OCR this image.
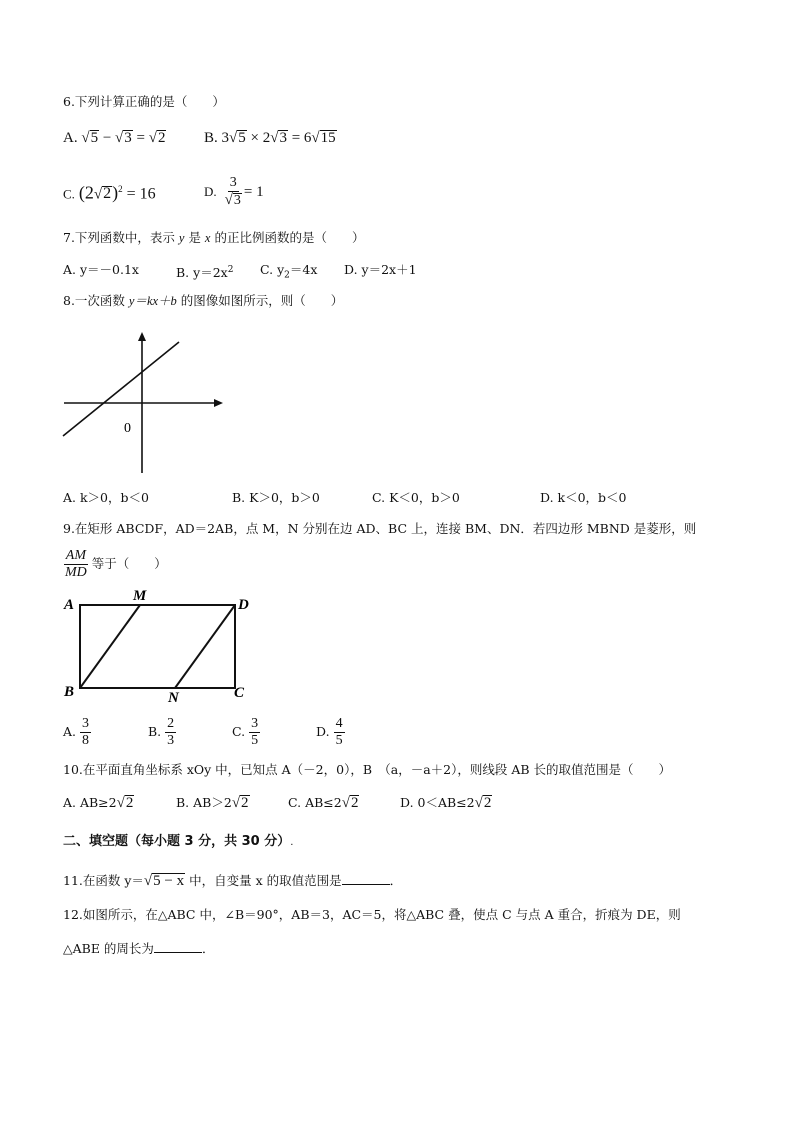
6.下列计算正确的是（　　）
A. √5 − √3 = √2	B. 3√5 × 2√3 = 6√15
C. $(2√2)^2 = 16$	D. $\frac{3}{√3} = 1$
7.下列函数中，表示 y 是 x 的正比例函数的是（　　）
A. y＝－0.1x	B. $y=2x^2$ C. $y_2=4x$ D. y＝2x＋1
8.一次函数 y＝kx＋b 的图像如图所示，则（　　）
0
A. k＞0，b＜0	B. K＞0，b＞0	C. K＜0，b＞0	D. k＜0，b＜0
9.在矩形 ABCDF，AD＝2AB，点 M，N 分别在边 AD、BC 上，连接 BM、DN．若四边形 MBND 是菱形，则
$\frac{AM}{MD}$ 等于（　　）
A
M
D
B	N	C
A. $\frac{3}{8}$	B. $\frac{2}{3}$	C. $\frac{3}{5}$	D. $\frac{4}{5}$
10.在平面直角坐标系 xOy 中，已知点 A（－2，0），B　（a，－a＋2），则线段 AB 长的取值范围是（　　）
A. AB≥2√2	B. AB＞2√2	C. AB≤2√2	D. 0＜AB≤2√2
二、填空题（每小题 3 分，共 30 分）.
11.在函数 y＝√5 − x 中，自变量 x 的取值范围是	．
12.如图所示，在△ABC 中，∠B＝90°，AB＝3，AC＝5，将△ABC 叠，使点 C 与点 A 重合，折痕为 DE，则
△ABE 的周长为	．
